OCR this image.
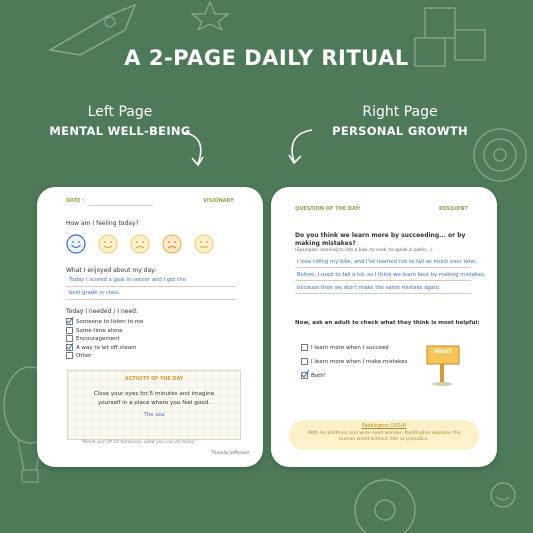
A 2-PAGE DAILY RITUAL
Left Page
MENTAL WELL-BEING
Right Page
PERSONAL GROWTH
DATE :	VISIONARY
How am I feeling today?
What I enjoyed about my day:
Today I scored a goal in soccer and I got the
best grade in class.
Today I needed / I need:
Someone to listen to me
Some time alone
Encouragement
A way to let off steam
Other
ACTIVITY OF THE DAY
Close your eyes for 5 minutes and imagine yourself in a place where you feel good.
The sea
"Never put off till tomorrow, what you can do today."
Thomas Jefferson
QUESTION OF THE DAY:	RESILIENT
Do you think we learn more by succeeding... or by making mistakes?
(Examples: learning to ride a bike, to cook, to speak in public...)
I love riding my bike, and I've learned not to fall as much over time.
Before, I used to fall a lot, so I think we learn best by making mistakes,
because then we don't make the same mistake again.
Now, ask an adult to check what they think is most helpful:
I learn more when I succeed
I learn more when I make mistakes
Both!
ADULT
Paddington (2014)
With his kindness and wide-eyed wonder, Paddington explores the human world without fear or prejudice.
